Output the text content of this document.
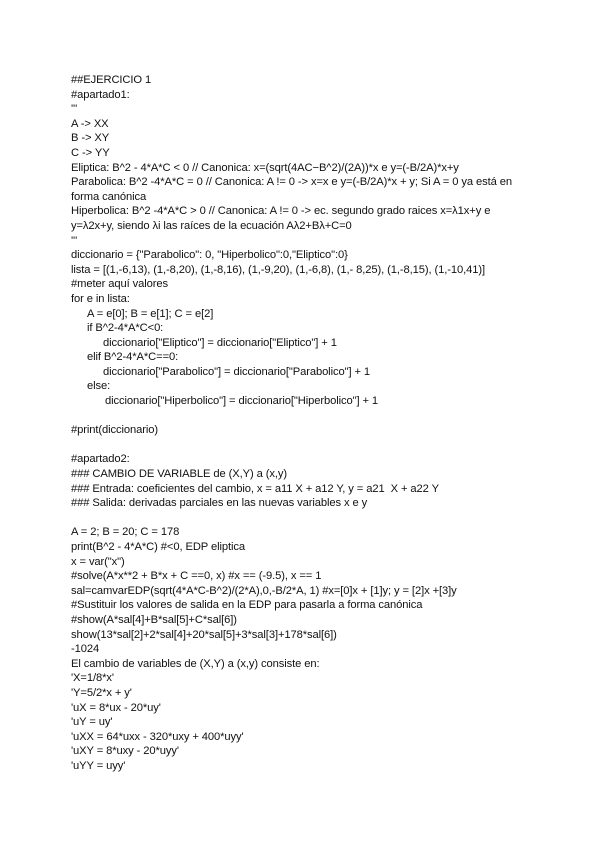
##EJERCICIO 1
#apartado1:
'''
A -> XX
B -> XY
C -> YY
Eliptica: B^2 - 4*A*C < 0 // Canonica: x=(sqrt(4AC−B^2)/(2A))*x e y=(-B/2A)*x+y
Parabolica: B^2 -4*A*C = 0 // Canonica: A != 0 -> x=x e y=(-B/2A)*x + y; Si A = 0 ya está en
forma canónica
Hiperbolica: B^2 -4*A*C > 0 // Canonica: A != 0 -> ec. segundo grado raices x=λ1x+y e
y=λ2x+y, siendo λi las raíces de la ecuación Aλ2+Bλ+C=0
'''
diccionario = {"Parabolico": 0, "Hiperbolico":0,"Eliptico":0}
lista = [(1,-6,13), (1,-8,20), (1,-8,16), (1,-9,20), (1,-6,8), (1,- 8,25), (1,-8,15), (1,-10,41)]
#meter aquí valores
for e in lista:
A = e[0]; B = e[1]; C = e[2]
if B^2-4*A*C<0:
diccionario["Eliptico"] = diccionario["Eliptico"] + 1
elif B^2-4*A*C==0:
diccionario["Parabolico"] = diccionario["Parabolico"] + 1
else:
diccionario["Hiperbolico"] = diccionario["Hiperbolico"] + 1
#print(diccionario)
#apartado2:
### CAMBIO DE VARIABLE de (X,Y) a (x,y)
### Entrada: coeficientes del cambio, x = a11 X + a12 Y, y = a21  X + a22 Y
### Salida: derivadas parciales en las nuevas variables x e y
A = 2; B = 20; C = 178
print(B^2 - 4*A*C) #<0, EDP eliptica
x = var("x")
#solve(A*x**2 + B*x + C ==0, x) #x == (-9.5), x == 1
sal=camvarEDP(sqrt(4*A*C-B^2)/(2*A),0,-B/2*A, 1) #x=[0]x + [1]y; y = [2]x +[3]y
#Sustituir los valores de salida en la EDP para pasarla a forma canónica
#show(A*sal[4]+B*sal[5]+C*sal[6])
show(13*sal[2]+2*sal[4]+20*sal[5]+3*sal[3]+178*sal[6])
-1024
El cambio de variables de (X,Y) a (x,y) consiste en:
'X=1/8*x'
'Y=5/2*x + y'
'uX = 8*ux - 20*uy'
'uY = uy'
'uXX = 64*uxx - 320*uxy + 400*uyy'
'uXY = 8*uxy - 20*uyy'
'uYY = uyy'
